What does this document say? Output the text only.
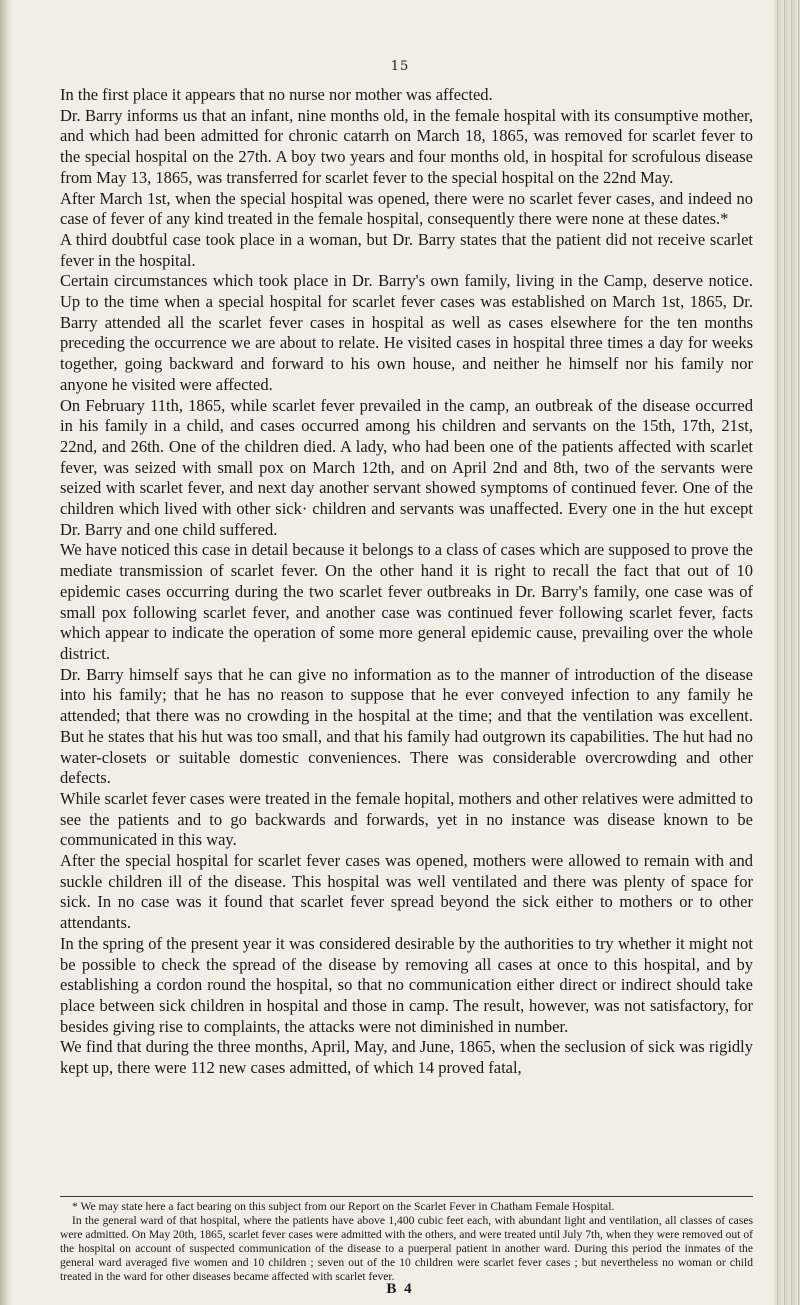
15

In the first place it appears that no nurse nor mother was affected.

Dr. Barry informs us that an infant, nine months old, in the female hospital with its consumptive mother, and which had been admitted for chronic catarrh on March 18, 1865, was removed for scarlet fever to the special hospital on the 27th. A boy two years and four months old, in hospital for scrofulous disease from May 13, 1865, was transferred for scarlet fever to the special hospital on the 22nd May.

After March 1st, when the special hospital was opened, there were no scarlet fever cases, and indeed no case of fever of any kind treated in the female hospital, consequently there were none at these dates.*

A third doubtful case took place in a woman, but Dr. Barry states that the patient did not receive scarlet fever in the hospital.

Certain circumstances which took place in Dr. Barry's own family, living in the Camp, deserve notice. Up to the time when a special hospital for scarlet fever cases was established on March 1st, 1865, Dr. Barry attended all the scarlet fever cases in hospital as well as cases elsewhere for the ten months preceding the occurrence we are about to relate. He visited cases in hospital three times a day for weeks together, going backward and forward to his own house, and neither he himself nor his family nor anyone he visited were affected.

On February 11th, 1865, while scarlet fever prevailed in the camp, an outbreak of the disease occurred in his family in a child, and cases occurred among his children and servants on the 15th, 17th, 21st, 22nd, and 26th. One of the children died. A lady, who had been one of the patients affected with scarlet fever, was seized with small pox on March 12th, and on April 2nd and 8th, two of the servants were seized with scarlet fever, and next day another servant showed symptoms of continued fever. One of the children which lived with other sick· children and servants was unaffected. Every one in the hut except Dr. Barry and one child suffered.

We have noticed this case in detail because it belongs to a class of cases which are supposed to prove the mediate transmission of scarlet fever. On the other hand it is right to recall the fact that out of 10 epidemic cases occurring during the two scarlet fever outbreaks in Dr. Barry's family, one case was of small pox following scarlet fever, and another case was continued fever following scarlet fever, facts which appear to indicate the operation of some more general epidemic cause, prevailing over the whole district.

Dr. Barry himself says that he can give no information as to the manner of introduction of the disease into his family; that he has no reason to suppose that he ever conveyed infection to any family he attended; that there was no crowding in the hospital at the time; and that the ventilation was excellent. But he states that his hut was too small, and that his family had outgrown its capabilities. The hut had no water-closets or suitable domestic conveniences. There was considerable overcrowding and other defects.

While scarlet fever cases were treated in the female hopital, mothers and other relatives were admitted to see the patients and to go backwards and forwards, yet in no instance was disease known to be communicated in this way.

After the special hospital for scarlet fever cases was opened, mothers were allowed to remain with and suckle children ill of the disease. This hospital was well ventilated and there was plenty of space for sick. In no case was it found that scarlet fever spread beyond the sick either to mothers or to other attendants.

In the spring of the present year it was considered desirable by the authorities to try whether it might not be possible to check the spread of the disease by removing all cases at once to this hospital, and by establishing a cordon round the hospital, so that no communication either direct or indirect should take place between sick children in hospital and those in camp. The result, however, was not satisfactory, for besides giving rise to complaints, the attacks were not diminished in number.

We find that during the three months, April, May, and June, 1865, when the seclusion of sick was rigidly kept up, there were 112 new cases admitted, of which 14 proved fatal,

* We may state here a fact bearing on this subject from our Report on the Scarlet Fever in Chatham Female Hospital.

In the general ward of that hospital, where the patients have above 1,400 cubic feet each, with abundant light and ventilation, all classes of cases were admitted. On May 20th, 1865, scarlet fever cases were admitted with the others, and were treated until July 7th, when they were removed out of the hospital on account of suspected communication of the disease to a puerperal patient in another ward. During this period the inmates of the general ward averaged five women and 10 children ; seven out of the 10 children were scarlet fever cases ; but nevertheless no woman or child treated in the ward for other diseases became affected with scarlet fever.

B 4
